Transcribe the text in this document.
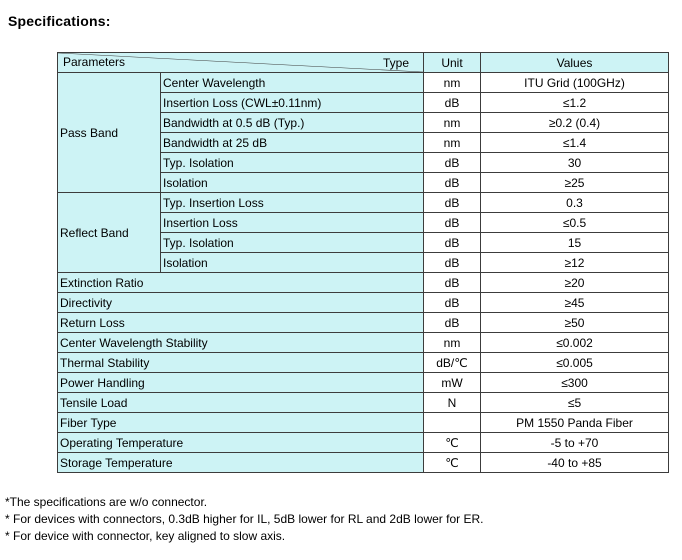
Specifications:
Type
Parameters		Unit	Values
Pass Band	Center Wavelength	nm	ITU Grid (100GHz)
	Insertion Loss (CWL±0.11nm)	dB	≤1.2
	Bandwidth at 0.5 dB (Typ.)	nm	≥0.2 (0.4)
	Bandwidth at 25 dB	nm	≤1.4
	Typ. Isolation	dB	30
	Isolation	dB	≥25
Reflect Band	Typ. Insertion Loss	dB	0.3
	Insertion Loss	dB	≤0.5
	Typ. Isolation	dB	15
	Isolation	dB	≥12
Extinction Ratio		dB	≥20
Directivity		dB	≥45
Return Loss		dB	≥50
Center Wavelength Stability		nm	≤0.002
Thermal Stability		dB/℃	≤0.005
Power Handling		mW	≤300
Tensile Load		N	≤5
Fiber Type			PM 1550 Panda Fiber
Operating Temperature		℃	-5 to +70
Storage Temperature		℃	-40 to +85
*The specifications are w/o connector.
* For devices with connectors, 0.3dB higher for IL, 5dB lower for RL and 2dB lower for ER.
* For device with connector, key aligned to slow axis.
